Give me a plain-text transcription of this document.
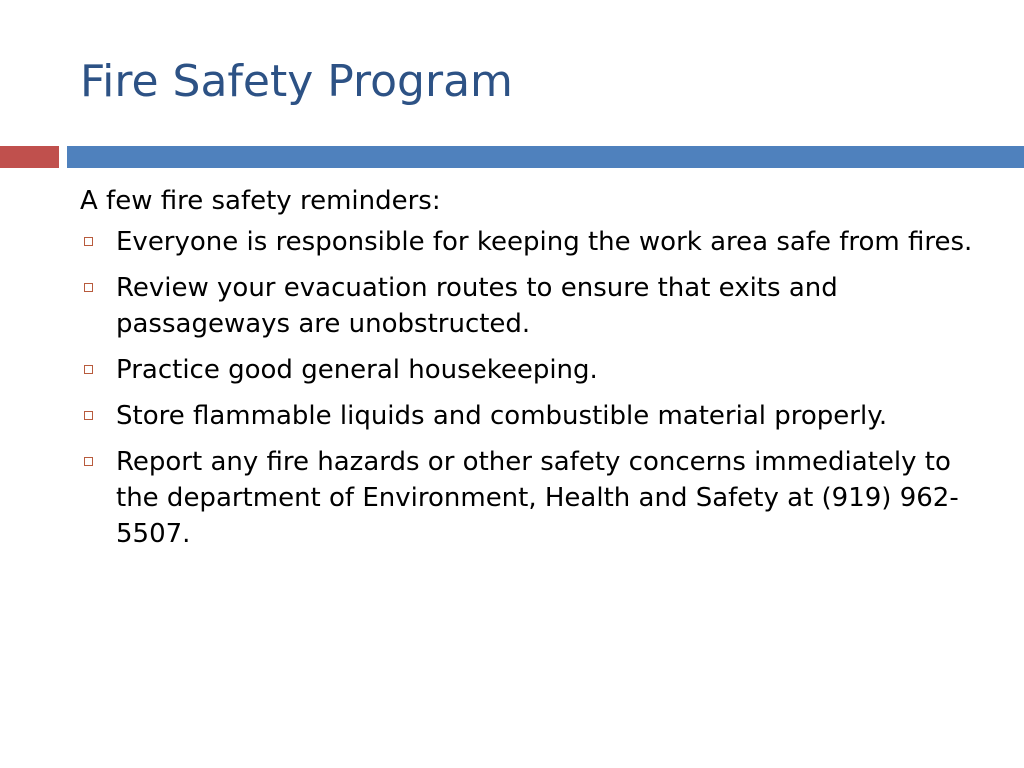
Fire Safety Program

A few fire safety reminders:

Everyone is responsible for keeping the work area safe from fires.
Review your evacuation routes to ensure that exits and passageways are unobstructed.
Practice good general housekeeping.
Store flammable liquids and combustible material properly.
Report any fire hazards or other safety concerns immediately to the department of Environment, Health and Safety at (919) 962-5507.
